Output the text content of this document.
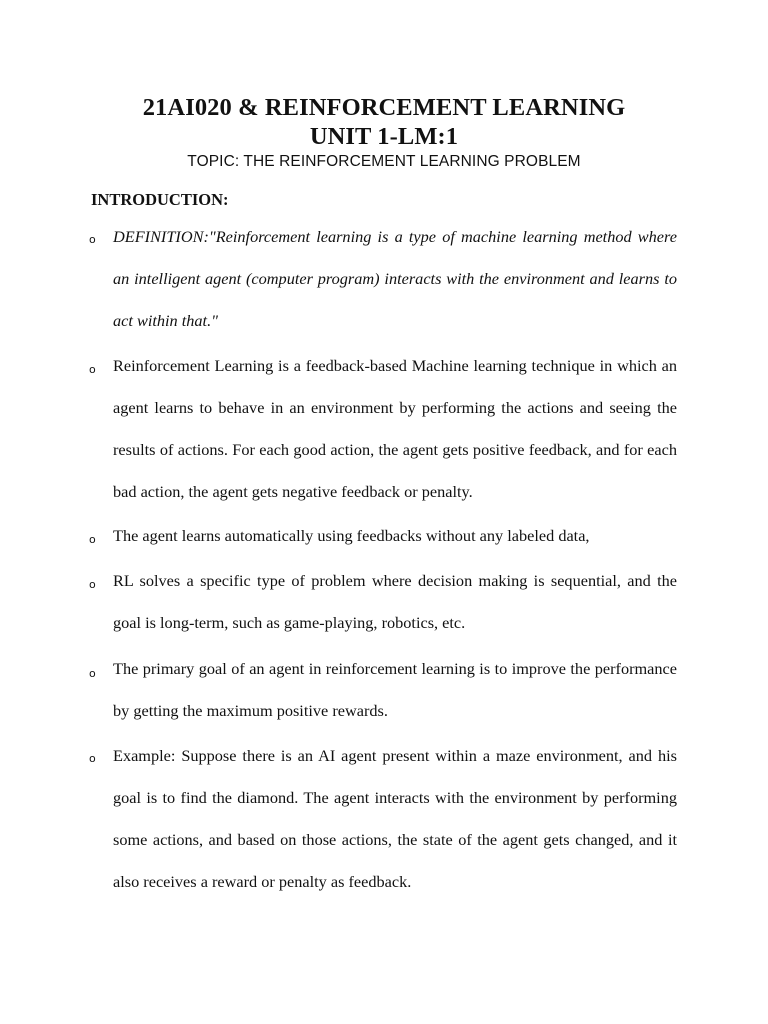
21AI020 & REINFORCEMENT LEARNING
UNIT 1-LM:1
TOPIC: THE REINFORCEMENT LEARNING PROBLEM
INTRODUCTION:
o DEFINITION:"Reinforcement learning is a type of machine learning method where an intelligent agent (computer program) interacts with the environment and learns to act within that."
o Reinforcement Learning is a feedback-based Machine learning technique in which an agent learns to behave in an environment by performing the actions and seeing the results of actions. For each good action, the agent gets positive feedback, and for each bad action, the agent gets negative feedback or penalty.
o The agent learns automatically using feedbacks without any labeled data,
o RL solves a specific type of problem where decision making is sequential, and the goal is long-term, such as game-playing, robotics, etc.
o The primary goal of an agent in reinforcement learning is to improve the performance by getting the maximum positive rewards.
o Example: Suppose there is an AI agent present within a maze environment, and his goal is to find the diamond. The agent interacts with the environment by performing some actions, and based on those actions, the state of the agent gets changed, and it also receives a reward or penalty as feedback.
